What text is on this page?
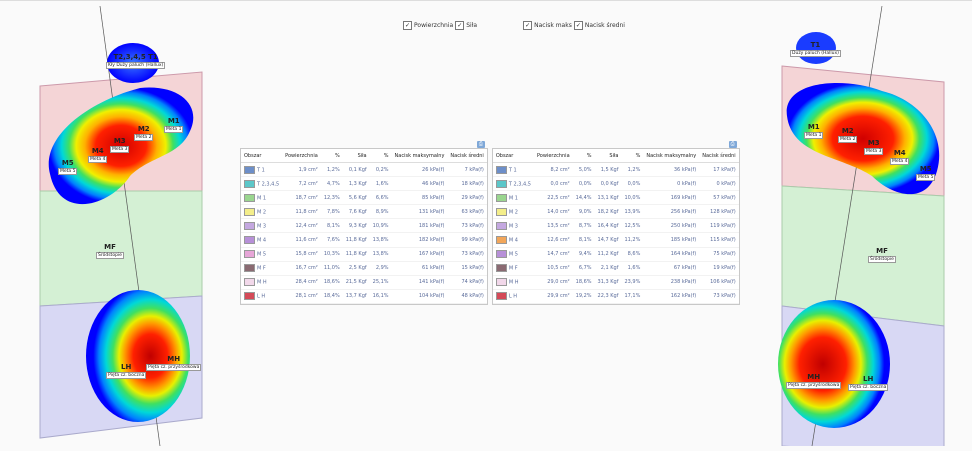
✓ Powierzchnia ✓ Siła	✓ Nacisk maks ✓ Nacisk średni
T2,3,4,5 T1
Kły Duży paluch (Hallux)
M1
Meta 1
M2
Meta 2
M3
Meta 3
M4
Meta 4
M5
Meta 5
MF
Śródstopie
LH
Pięta cz. boczna
MH
Pięta cz. przyśrodkowa
⎙
Obszar	Powierzchnia	%	Siła	%	Nacisk maksymalny	Nacisk średni
T 1	1,9 cm²	1,2%	0,1 Kgf	0,2%	26 kPa(f)	7 kPa(f)
T 2,3,4,5	7,2 cm²	4,7%	1,3 Kgf	1,6%	46 kPa(f)	18 kPa(f)
M 1	18,7 cm²	12,3%	5,6 Kgf	6,6%	85 kPa(f)	29 kPa(f)
M 2	11,8 cm²	7,8%	7,6 Kgf	8,9%	131 kPa(f)	63 kPa(f)
M 3	12,4 cm²	8,1%	9,3 Kgf	10,9%	181 kPa(f)	73 kPa(f)
M 4	11,6 cm²	7,6%	11,8 Kgf	13,8%	182 kPa(f)	99 kPa(f)
M 5	15,8 cm²	10,3%	11,8 Kgf	13,8%	167 kPa(f)	73 kPa(f)
M F	16,7 cm²	11,0%	2,5 Kgf	2,9%	61 kPa(f)	15 kPa(f)
M H	28,4 cm²	18,6%	21,5 Kgf	25,1%	141 kPa(f)	74 kPa(f)
L H	28,1 cm²	18,4%	13,7 Kgf	16,1%	104 kPa(f)	48 kPa(f)
⎙
Obszar	Powierzchnia	%	Siła	%	Nacisk maksymalny	Nacisk średni
T 1	8,2 cm²	5,0%	1,5 Kgf	1,2%	36 kPa(f)	17 kPa(f)
T 2,3,4,5	0,0 cm²	0,0%	0,0 Kgf	0,0%	0 kPa(f)	0 kPa(f)
M 1	22,5 cm²	14,4%	13,1 Kgf	10,0%	169 kPa(f)	57 kPa(f)
M 2	14,0 cm²	9,0%	18,2 Kgf	13,9%	256 kPa(f)	128 kPa(f)
M 3	13,5 cm²	8,7%	16,4 Kgf	12,5%	250 kPa(f)	119 kPa(f)
M 4	12,6 cm²	8,1%	14,7 Kgf	11,2%	185 kPa(f)	115 kPa(f)
M 5	14,7 cm²	9,4%	11,2 Kgf	8,6%	164 kPa(f)	75 kPa(f)
M F	10,5 cm²	6,7%	2,1 Kgf	1,6%	67 kPa(f)	19 kPa(f)
M H	29,0 cm²	18,6%	31,3 Kgf	23,9%	238 kPa(f)	106 kPa(f)
L H	29,9 cm²	19,2%	22,3 Kgf	17,1%	162 kPa(f)	73 kPa(f)
T1
Duży paluch (Hallux)
M1
Meta 1
M2
Meta 2	M3
Meta 3	M4
Meta 4
M5
Meta 5
MF
Śródstopie
MH
Pięta cz. przyśrodkowa
LH
Pięta cz. boczna
